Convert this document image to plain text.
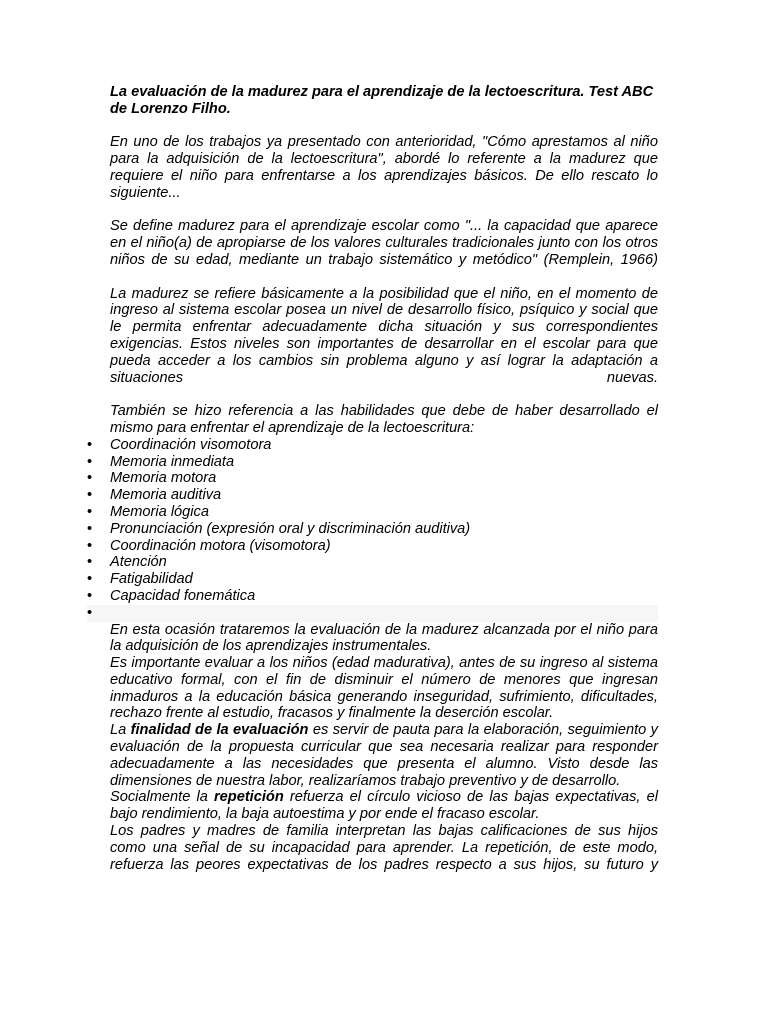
La evaluación de la madurez para el aprendizaje de la lectoescritura. Test ABC de Lorenzo Filho.

En uno de los trabajos ya presentado con anterioridad, "Cómo aprestamos al niño para la adquisición de la lectoescritura", abordé lo referente a la madurez que requiere el niño para enfrentarse a los aprendizajes básicos. De ello rescato lo siguiente...

Se define madurez para el aprendizaje escolar como "... la capacidad que aparece en el niño(a) de apropiarse de los valores culturales tradicionales junto con los otros niños de su edad, mediante un trabajo sistemático y metódico" (Remplein, 1966)

La madurez se refiere básicamente a la posibilidad que el niño, en el momento de ingreso al sistema escolar posea un nivel de desarrollo físico, psíquico y social que le permita enfrentar adecuadamente dicha situación y sus correspondientes exigencias. Estos niveles son importantes de desarrollar en el escolar para que pueda acceder a los cambios sin problema alguno y así lograr la adaptación a situaciones nuevas.

También se hizo referencia a las habilidades que debe de haber desarrollado el mismo para enfrentar el aprendizaje de la lectoescritura:

• Coordinación visomotora
• Memoria inmediata
• Memoria motora
• Memoria auditiva
• Memoria lógica
• Pronunciación (expresión oral y discriminación auditiva)
• Coordinación motora (visomotora)
• Atención
• Fatigabilidad
• Capacidad fonemática
•

En esta ocasión trataremos la evaluación de la madurez alcanzada por el niño para la adquisición de los aprendizajes instrumentales.

Es importante evaluar a los niños (edad madurativa), antes de su ingreso al sistema educativo formal, con el fin de disminuir el número de menores que ingresan inmaduros a la educación básica generando inseguridad, sufrimiento, dificultades, rechazo frente al estudio, fracasos y finalmente la deserción escolar.

La finalidad de la evaluación es servir de pauta para la elaboración, seguimiento y evaluación de la propuesta curricular que sea necesaria realizar para responder adecuadamente a las necesidades que presenta el alumno. Visto desde las dimensiones de nuestra labor, realizaríamos trabajo preventivo y de desarrollo.

Socialmente la repetición refuerza el círculo vicioso de las bajas expectativas, el bajo rendimiento, la baja autoestima y por ende el fracaso escolar.

Los padres y madres de familia interpretan las bajas calificaciones de sus hijos como una señal de su incapacidad para aprender. La repetición, de este modo, refuerza las peores expectativas de los padres respecto a sus hijos, su futuro y
